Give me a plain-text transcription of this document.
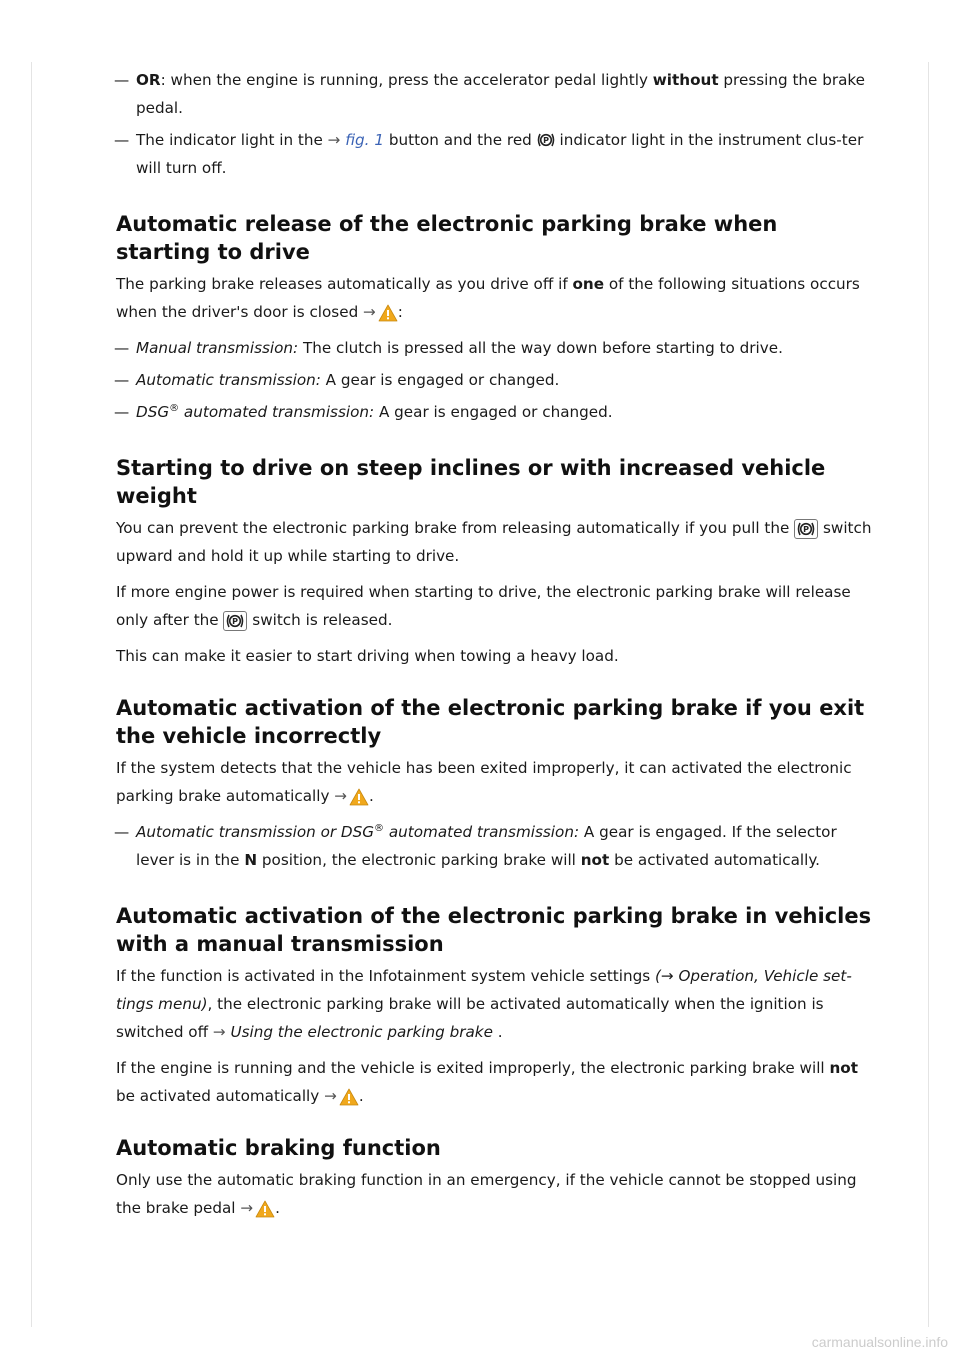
— OR: when the engine is running, press the accelerator pedal lightly without pressing the brake pedal.

— The indicator light in the → fig. 1 button and the red P indicator light in the instrument clus-ter will turn off.

Automatic release of the electronic parking brake when starting to drive

The parking brake releases automatically as you drive off if one of the following situations occurs when the driver's door is closed → :

— Manual transmission: The clutch is pressed all the way down before starting to drive.

— Automatic transmission: A gear is engaged or changed.

— DSG® automated transmission: A gear is engaged or changed.

Starting to drive on steep inclines or with increased vehicle weight

You can prevent the electronic parking brake from releasing automatically if you pull the P switch upward and hold it up while starting to drive.

If more engine power is required when starting to drive, the electronic parking brake will release only after the P switch is released.

This can make it easier to start driving when towing a heavy load.

Automatic activation of the electronic parking brake if you exit the vehicle incorrectly

If the system detects that the vehicle has been exited improperly, it can activated the electronic parking brake automatically → .

— Automatic transmission or DSG® automated transmission: A gear is engaged. If the selector lever is in the N position, the electronic parking brake will not be activated automatically.

Automatic activation of the electronic parking brake in vehicles with a manual transmission

If the function is activated in the Infotainment system vehicle settings (→ Operation, Vehicle set-tings menu), the electronic parking brake will be activated automatically when the ignition is switched off → Using the electronic parking brake .

If the engine is running and the vehicle is exited improperly, the electronic parking brake will not be activated automatically → .

Automatic braking function

Only use the automatic braking function in an emergency, if the vehicle cannot be stopped using the brake pedal → .

carmanualsonline.info
